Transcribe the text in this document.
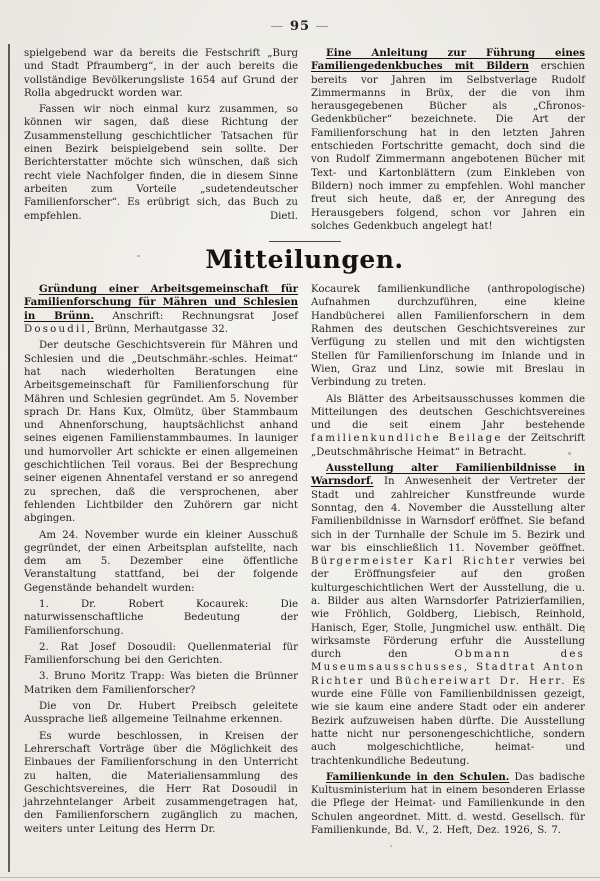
— 95 —

spielgebend war da bereits die Festschrift „Burg und Stadt Pfraumberg“, in der auch bereits die vollständige Bevölkerungsliste 1654 auf Grund der Rolla abgedruckt worden war.

Fassen wir noch einmal kurz zusammen, so können wir sagen, daß diese Richtung der Zusammenstellung geschichtlicher Tatsachen für einen Bezirk beispielgebend sein sollte. Der Berichterstatter möchte sich wünschen, daß sich recht viele Nachfolger finden, die in diesem Sinne arbeiten zum Vorteile „sudetendeutscher Familienforscher“. Es erübrigt sich, das Buch zu empfehlen.	Dietl.

Eine Anleitung zur Führung eines Familiengedenkbuches mit Bildern erschien bereits vor Jahren im Selbstverlage Rudolf Zimmermanns in Brüx, der die von ihm herausgegebenen Bücher als „Chronos-Gedenkbücher“ bezeichnete. Die Art der Familienforschung hat in den letzten Jahren entschieden Fortschritte gemacht, doch sind die von Rudolf Zimmermann angebotenen Bücher mit Text- und Kartonblättern (zum Einkleben von Bildern) noch immer zu empfehlen. Wohl mancher freut sich heute, daß er, der Anregung des Herausgebers folgend, schon vor Jahren ein solches Gedenkbuch angelegt hat!

Mitteilungen.

Gründung einer Arbeitsgemeinschaft für Familienforschung für Mähren und Schlesien in Brünn. Anschrift: Rechnungsrat Josef Dosoudil, Brünn, Merhautgasse 32.

Der deutsche Geschichtsverein für Mähren und Schlesien und die „Deutschmähr.-schles. Heimat“ hat nach wiederholten Beratungen eine Arbeitsgemeinschaft für Familienforschung für Mähren und Schlesien gegründet. Am 5. November sprach Dr. Hans Kux, Olmütz, über Stammbaum und Ahnenforschung, hauptsächlichst anhand seines eigenen Familienstammbaumes. In launiger und humorvoller Art schickte er einen allgemeinen geschichtlichen Teil voraus. Bei der Besprechung seiner eigenen Ahnentafel verstand er so anregend zu sprechen, daß die versprochenen, aber fehlenden Lichtbilder den Zuhörern gar nicht abgingen.

Am 24. November wurde ein kleiner Ausschuß gegründet, der einen Arbeitsplan aufstellte, nach dem am 5. Dezember eine öffentliche Veranstaltung stattfand, bei der folgende Gegenstände behandelt wurden:

1. Dr. Robert Kocaurek: Die naturwissenschaftliche Bedeutung der Familienforschung.

2. Rat Josef Dosoudil: Quellenmaterial für Familienforschung bei den Gerichten.

3. Bruno Moritz Trapp: Was bieten die Brünner Matriken dem Familienforscher?

Die von Dr. Hubert Preibsch geleitete Aussprache ließ allgemeine Teilnahme erkennen.

Es wurde beschlossen, in Kreisen der Lehrerschaft Vorträge über die Möglichkeit des Einbaues der Familienforschung in den Unterricht zu halten, die Materialiensammlung des Geschichtsvereines, die Herr Rat Dosoudil in jahrzehntelanger Arbeit zusammengetragen hat, den Familienforschern zugänglich zu machen, weiters unter Leitung des Herrn Dr.

Kocaurek familienkundliche (anthropologische) Aufnahmen durchzuführen, eine kleine Handbücherei allen Familienforschern in dem Rahmen des deutschen Geschichtsvereines zur Verfügung zu stellen und mit den wichtigsten Stellen für Familienforschung im Inlande und in Wien, Graz und Linz, sowie mit Breslau in Verbindung zu treten.

Als Blätter des Arbeitsausschusses kommen die Mitteilungen des deutschen Geschichtsvereines und die seit einem Jahr bestehende familienkundliche Beilage der Zeitschrift „Deutschmährische Heimat“ in Betracht.

Ausstellung alter Familienbildnisse in Warnsdorf. In Anwesenheit der Vertreter der Stadt und zahlreicher Kunstfreunde wurde Sonntag, den 4. November die Ausstellung alter Familienbildnisse in Warnsdorf eröffnet. Sie befand sich in der Turnhalle der Schule im 5. Bezirk und war bis einschließlich 11. November geöffnet. Bürgermeister Karl Richter verwies bei der Eröffnungsfeier auf den großen kulturgeschichtlichen Wert der Ausstellung, die u. a. Bilder aus alten Warnsdorfer Patrizierfamilien, wie Fröhlich, Goldberg, Liebisch, Reinhold, Hanisch, Eger, Stolle, Jungmichel usw. enthält. Die wirksamste Förderung erfuhr die Ausstellung durch den	Obmann des Museumsausschusses, Stadtrat Anton Richter und Büchereiwart Dr. Herr. Es wurde eine Fülle von Familienbildnissen gezeigt, wie sie kaum eine andere Stadt oder ein anderer Bezirk aufzuweisen haben dürfte. Die Ausstellung hatte nicht nur personengeschichtliche, sondern auch molgeschichtliche, heimat- und trachtenkundliche Bedeutung.

Familienkunde in den Schulen. Das badische Kultusministerium hat in einem besonderen Erlasse die Pflege der Heimat- und Familienkunde in den Schulen angeordnet. Mitt. d. westd. Gesellsch. für Familienkunde, Bd. V., 2. Heft, Dez. 1926, S. 7.
